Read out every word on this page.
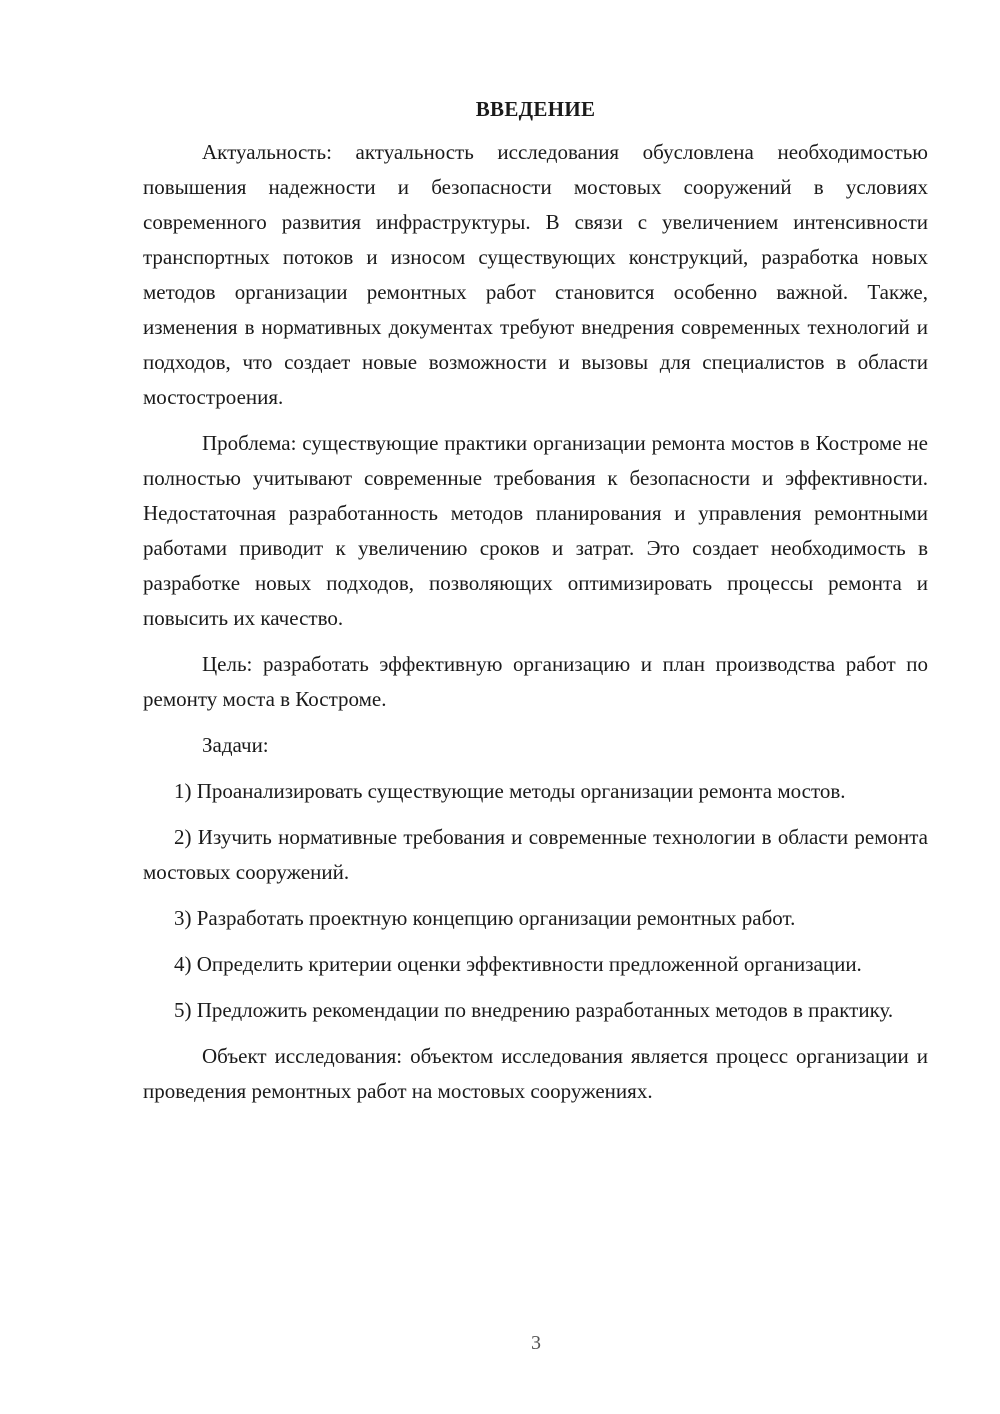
ВВЕДЕНИЕ

Актуальность: актуальность исследования обусловлена необходимостью повышения надежности и безопасности мостовых сооружений в условиях современного развития инфраструктуры. В связи с увеличением интенсивности транспортных потоков и износом существующих конструкций, разработка новых методов организации ремонтных работ становится особенно важной. Также, изменения в нормативных документах требуют внедрения современных технологий и подходов, что создает новые возможности и вызовы для специалистов в области мостостроения.

Проблема: существующие практики организации ремонта мостов в Костроме не полностью учитывают современные требования к безопасности и эффективности. Недостаточная разработанность методов планирования и управления ремонтными работами приводит к увеличению сроков и затрат. Это создает необходимость в разработке новых подходов, позволяющих оптимизировать процессы ремонта и повысить их качество.

Цель: разработать эффективную организацию и план производства работ по ремонту моста в Костроме.

Задачи:

1) Проанализировать существующие методы организации ремонта мостов.

2) Изучить нормативные требования и современные технологии в области ремонта мостовых сооружений.

3) Разработать проектную концепцию организации ремонтных работ.

4) Определить критерии оценки эффективности предложенной организации.

5) Предложить рекомендации по внедрению разработанных методов в практику.

Объект исследования: объектом исследования является процесс организации и проведения ремонтных работ на мостовых сооружениях.

3
